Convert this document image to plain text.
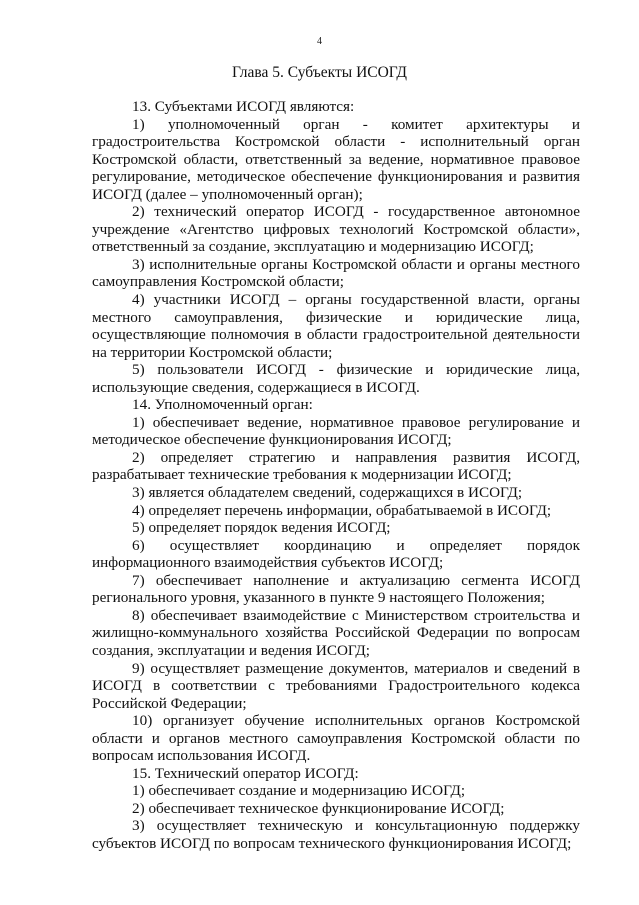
4
Глава 5. Субъекты ИСОГД

13. Субъектами ИСОГД являются:

1) уполномоченный орган - комитет архитектуры и градостроительства Костромской области - исполнительный орган Костромской области, ответственный за ведение, нормативное правовое регулирование, методическое обеспечение функционирования и развития ИСОГД (далее – уполномоченный орган);

2) технический оператор ИСОГД - государственное автономное учреждение «Агентство цифровых технологий Костромской области», ответственный за создание, эксплуатацию и модернизацию ИСОГД;

3) исполнительные органы Костромской области и органы местного самоуправления Костромской области;

4) участники ИСОГД – органы государственной власти, органы местного самоуправления, физические и юридические лица, осуществляющие полномочия в области градостроительной деятельности на территории Костромской области;

5) пользователи ИСОГД - физические и юридические лица, использующие сведения, содержащиеся в ИСОГД.

14. Уполномоченный орган:

1) обеспечивает ведение, нормативное правовое регулирование и методическое обеспечение функционирования ИСОГД;

2) определяет стратегию и направления развития ИСОГД, разрабатывает технические требования к модернизации ИСОГД;

3) является обладателем сведений, содержащихся в ИСОГД;

4) определяет перечень информации, обрабатываемой в ИСОГД;

5) определяет порядок ведения ИСОГД;

6) осуществляет координацию и определяет порядок информационного взаимодействия субъектов ИСОГД;

7) обеспечивает наполнение и актуализацию сегмента ИСОГД регионального уровня, указанного в пункте 9 настоящего Положения;

8) обеспечивает взаимодействие с Министерством строительства и жилищно-коммунального хозяйства Российской Федерации по вопросам создания, эксплуатации и ведения ИСОГД;

9) осуществляет размещение документов, материалов и сведений в ИСОГД в соответствии с требованиями Градостроительного кодекса Российской Федерации;

10) организует обучение исполнительных органов Костромской области и органов местного самоуправления Костромской области по вопросам использования ИСОГД.

15. Технический оператор ИСОГД:

1) обеспечивает создание и модернизацию ИСОГД;

2) обеспечивает техническое функционирование ИСОГД;

3) осуществляет техническую и консультационную поддержку субъектов ИСОГД по вопросам технического функционирования ИСОГД;
